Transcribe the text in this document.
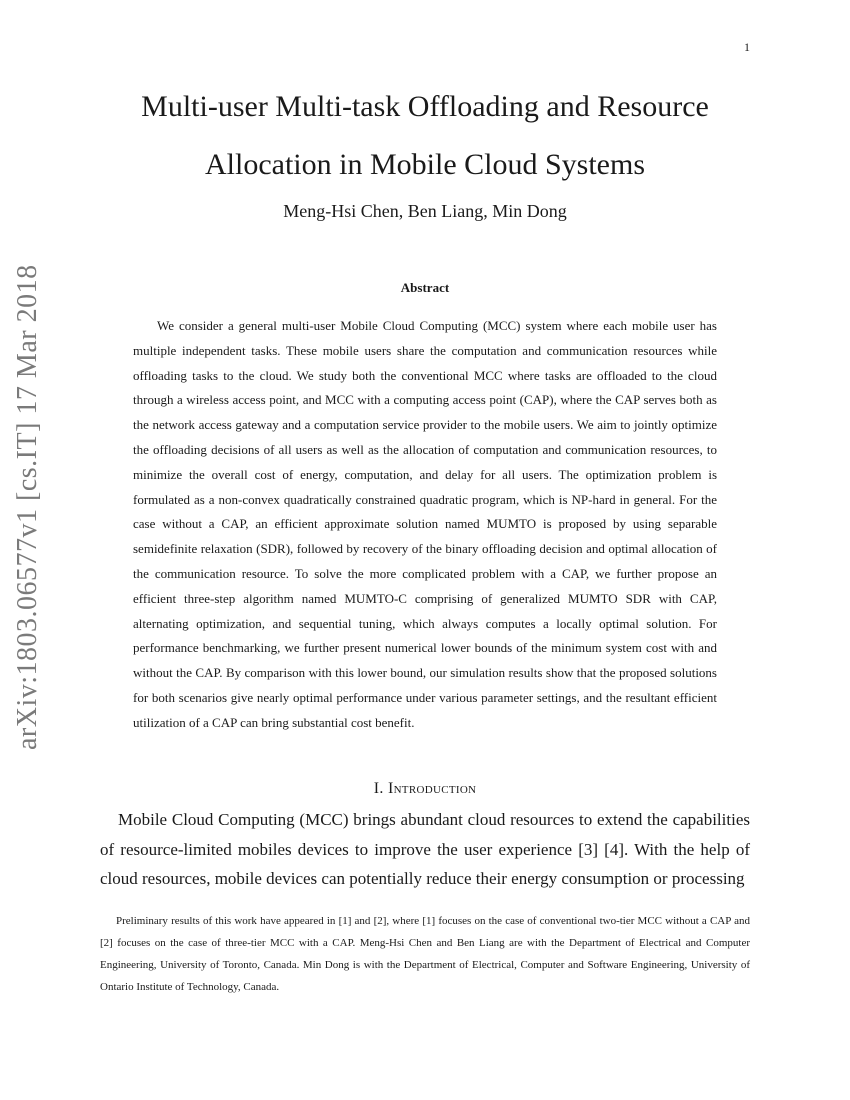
1
arXiv:1803.06577v1 [cs.IT] 17 Mar 2018
Multi-user Multi-task Offloading and Resource Allocation in Mobile Cloud Systems

Meng-Hsi Chen, Ben Liang, Min Dong

Abstract

We consider a general multi-user Mobile Cloud Computing (MCC) system where each mobile user has multiple independent tasks. These mobile users share the computation and communication resources while offloading tasks to the cloud. We study both the conventional MCC where tasks are offloaded to the cloud through a wireless access point, and MCC with a computing access point (CAP), where the CAP serves both as the network access gateway and a computation service provider to the mobile users. We aim to jointly optimize the offloading decisions of all users as well as the allocation of computation and communication resources, to minimize the overall cost of energy, computation, and delay for all users. The optimization problem is formulated as a non-convex quadratically constrained quadratic program, which is NP-hard in general. For the case without a CAP, an efficient approximate solution named MUMTO is proposed by using separable semidefinite relaxation (SDR), followed by recovery of the binary offloading decision and optimal allocation of the communication resource. To solve the more complicated problem with a CAP, we further propose an efficient three-step algorithm named MUMTO-C comprising of generalized MUMTO SDR with CAP, alternating optimization, and sequential tuning, which always computes a locally optimal solution. For performance benchmarking, we further present numerical lower bounds of the minimum system cost with and without the CAP. By comparison with this lower bound, our simulation results show that the proposed solutions for both scenarios give nearly optimal performance under various parameter settings, and the resultant efficient utilization of a CAP can bring substantial cost benefit.

I. Introduction

Mobile Cloud Computing (MCC) brings abundant cloud resources to extend the capabilities of resource-limited mobiles devices to improve the user experience [3] [4]. With the help of cloud resources, mobile devices can potentially reduce their energy consumption or processing

Preliminary results of this work have appeared in [1] and [2], where [1] focuses on the case of conventional two-tier MCC without a CAP and [2] focuses on the case of three-tier MCC with a CAP. Meng-Hsi Chen and Ben Liang are with the Department of Electrical and Computer Engineering, University of Toronto, Canada. Min Dong is with the Department of Electrical, Computer and Software Engineering, University of Ontario Institute of Technology, Canada.
